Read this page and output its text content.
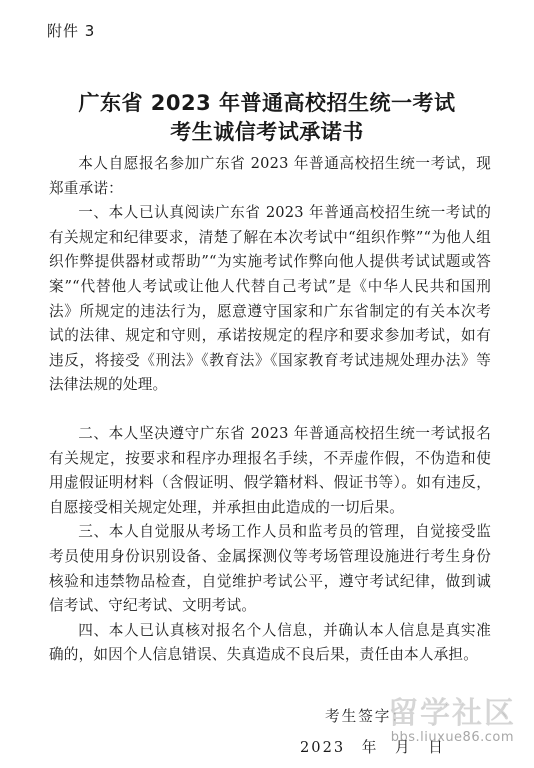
附件 3
广东省 2023 年普通高校招生统一考试
考生诚信考试承诺书

本人自愿报名参加广东省 2023 年普通高校招生统一考试，现郑重承诺：

一、本人已认真阅读广东省 2023 年普通高校招生统一考试的有关规定和纪律要求，清楚了解在本次考试中“组织作弊”“为他人组织作弊提供器材或帮助”“为实施考试作弊向他人提供考试试题或答案”“代替他人考试或让他人代替自己考试”是《中华人民共和国刑法》所规定的违法行为，愿意遵守国家和广东省制定的有关本次考试的法律、规定和守则，承诺按规定的程序和要求参加考试，如有违反，将接受《刑法》《教育法》《国家教育考试违规处理办法》等法律法规的处理。

二、本人坚决遵守广东省 2023 年普通高校招生统一考试报名有关规定，按要求和程序办理报名手续，不弄虚作假，不伪造和使用虚假证明材料（含假证明、假学籍材料、假证书等）。如有违反，自愿接受相关规定处理，并承担由此造成的一切后果。

三、本人自觉服从考场工作人员和监考员的管理，自觉接受监考员使用身份识别设备、金属探测仪等考场管理设施进行考生身份核验和违禁物品检查，自觉维护考试公平，遵守考试纪律，做到诚信考试、守纪考试、文明考试。

四、本人已认真核对报名个人信息，并确认本人信息是真实准确的，如因个人信息错误、失真造成不良后果，责任由本人承担。

考生签字：
2023 年 月 日
留学社区
bbs.liuxue86.com
